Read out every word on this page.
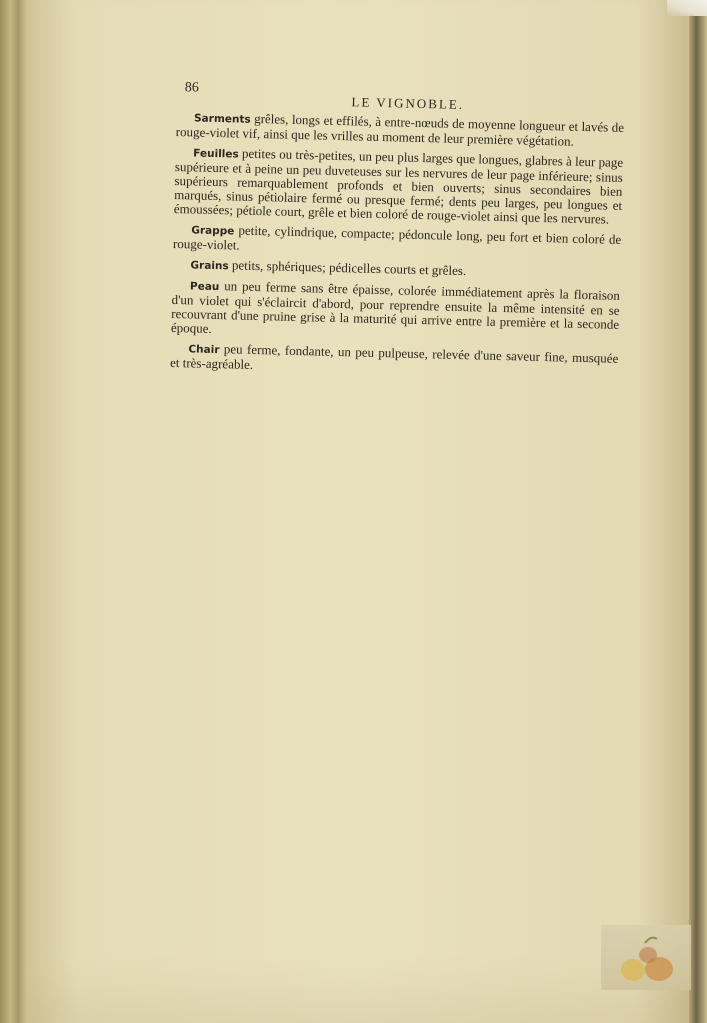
86
LE VIGNOBLE.

Sarments grêles, longs et effilés, à entre-nœuds de moyenne longueur et lavés de rouge-violet vif, ainsi que les vrilles au moment de leur première végétation.

Feuilles petites ou très-petites, un peu plus larges que longues, glabres à leur page supérieure et à peine un peu duveteuses sur les nervures de leur page inférieure; sinus supérieurs remarquablement profonds et bien ouverts; sinus secondaires bien marqués, sinus pétiolaire fermé ou presque fermé; dents peu larges, peu longues et émoussées; pétiole court, grêle et bien coloré de rouge-violet ainsi que les nervures.

Grappe petite, cylindrique, compacte; pédoncule long, peu fort et bien coloré de rouge-violet.

Grains petits, sphériques; pédicelles courts et grêles.

Peau un peu ferme sans être épaisse, colorée immédiatement après la floraison d'un violet qui s'éclaircit d'abord, pour reprendre ensuite la même intensité en se recouvrant d'une pruine grise à la maturité qui arrive entre la première et la seconde époque.

Chair peu ferme, fondante, un peu pulpeuse, relevée d'une saveur fine, musquée et très-agréable.
